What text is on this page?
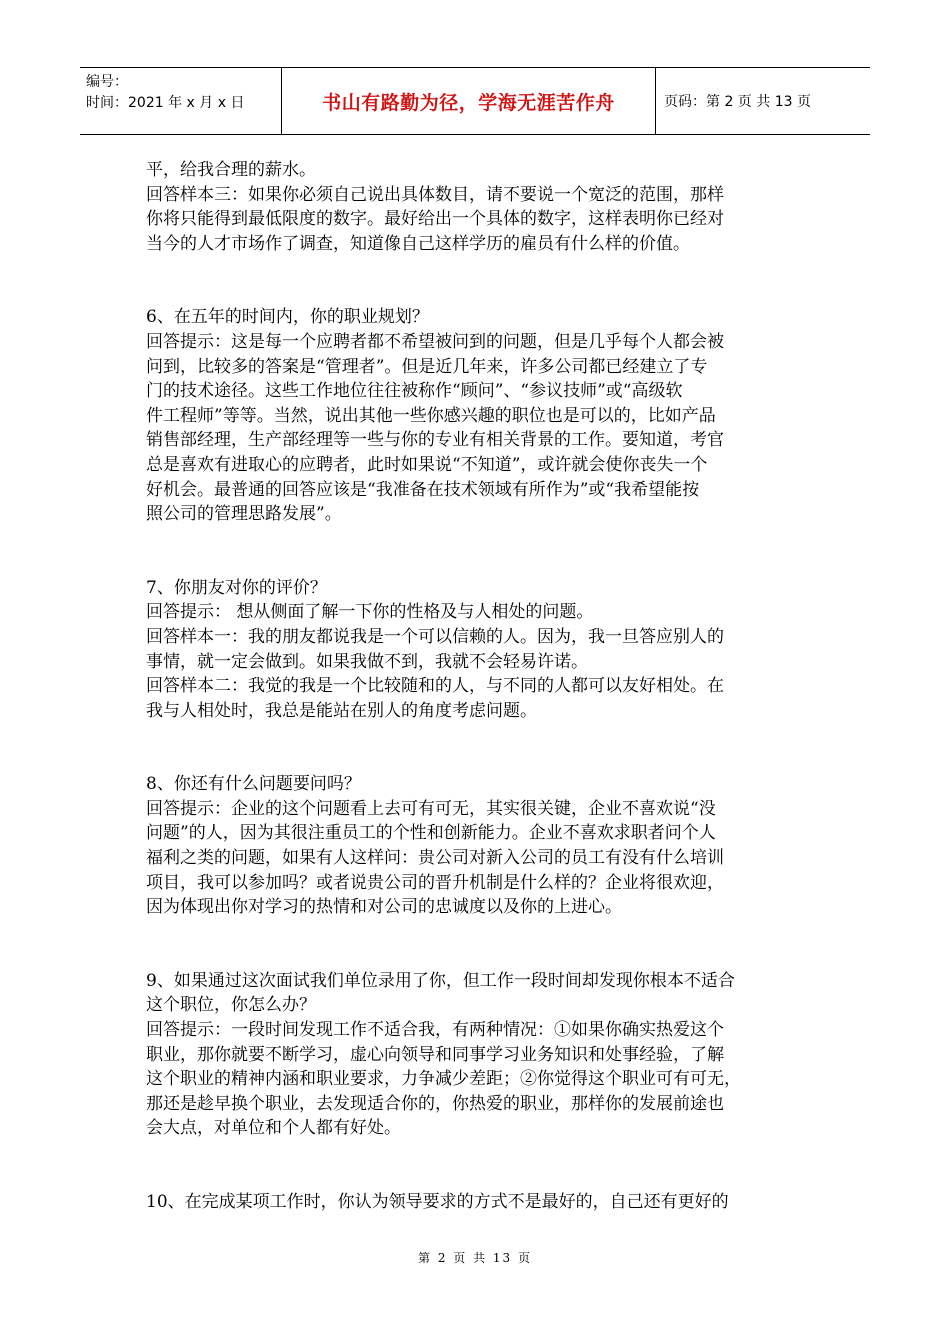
编号：
时间：2021 年 x 月 x 日	书山有路勤为径，学海无涯苦作舟	页码：第 2 页 共 13 页

平，给我合理的薪水。

回答样本三：如果你必须自己说出具体数目，请不要说一个宽泛的范围，那样

你将只能得到最低限度的数字。最好给出一个具体的数字，这样表明你已经对

当今的人才市场作了调查，知道像自己这样学历的雇员有什么样的价值。

6、在五年的时间内，你的职业规划？

回答提示：这是每一个应聘者都不希望被问到的问题，但是几乎每个人都会被

问到，比较多的答案是“管理者”。但是近几年来，许多公司都已经建立了专

门的技术途径。这些工作地位往往被称作“顾问”、“参议技师”或“高级软

件工程师”等等。当然，说出其他一些你感兴趣的职位也是可以的，比如产品

销售部经理，生产部经理等一些与你的专业有相关背景的工作。要知道，考官

总是喜欢有进取心的应聘者，此时如果说“不知道”，或许就会使你丧失一个

好机会。最普通的回答应该是“我准备在技术领域有所作为”或“我希望能按

照公司的管理思路发展”。

7、你朋友对你的评价？

回答提示： 想从侧面了解一下你的性格及与人相处的问题。

回答样本一：我的朋友都说我是一个可以信赖的人。因为，我一旦答应别人的

事情，就一定会做到。如果我做不到，我就不会轻易许诺。

回答样本二：我觉的我是一个比较随和的人，与不同的人都可以友好相处。在

我与人相处时，我总是能站在别人的角度考虑问题。

8、你还有什么问题要问吗？

回答提示：企业的这个问题看上去可有可无，其实很关键，企业不喜欢说“没

问题”的人，因为其很注重员工的个性和创新能力。企业不喜欢求职者问个人

福利之类的问题，如果有人这样问：贵公司对新入公司的员工有没有什么培训

项目，我可以参加吗？或者说贵公司的晋升机制是什么样的？企业将很欢迎，

因为体现出你对学习的热情和对公司的忠诚度以及你的上进心。

9、如果通过这次面试我们单位录用了你，但工作一段时间却发现你根本不适合

这个职位，你怎么办？

回答提示：一段时间发现工作不适合我，有两种情况：①如果你确实热爱这个

职业，那你就要不断学习，虚心向领导和同事学习业务知识和处事经验，了解

这个职业的精神内涵和职业要求，力争减少差距；②你觉得这个职业可有可无，

那还是趁早换个职业，去发现适合你的，你热爱的职业，那样你的发展前途也

会大点，对单位和个人都有好处。

10、在完成某项工作时，你认为领导要求的方式不是最好的，自己还有更好的

第 2 页 共 13 页
